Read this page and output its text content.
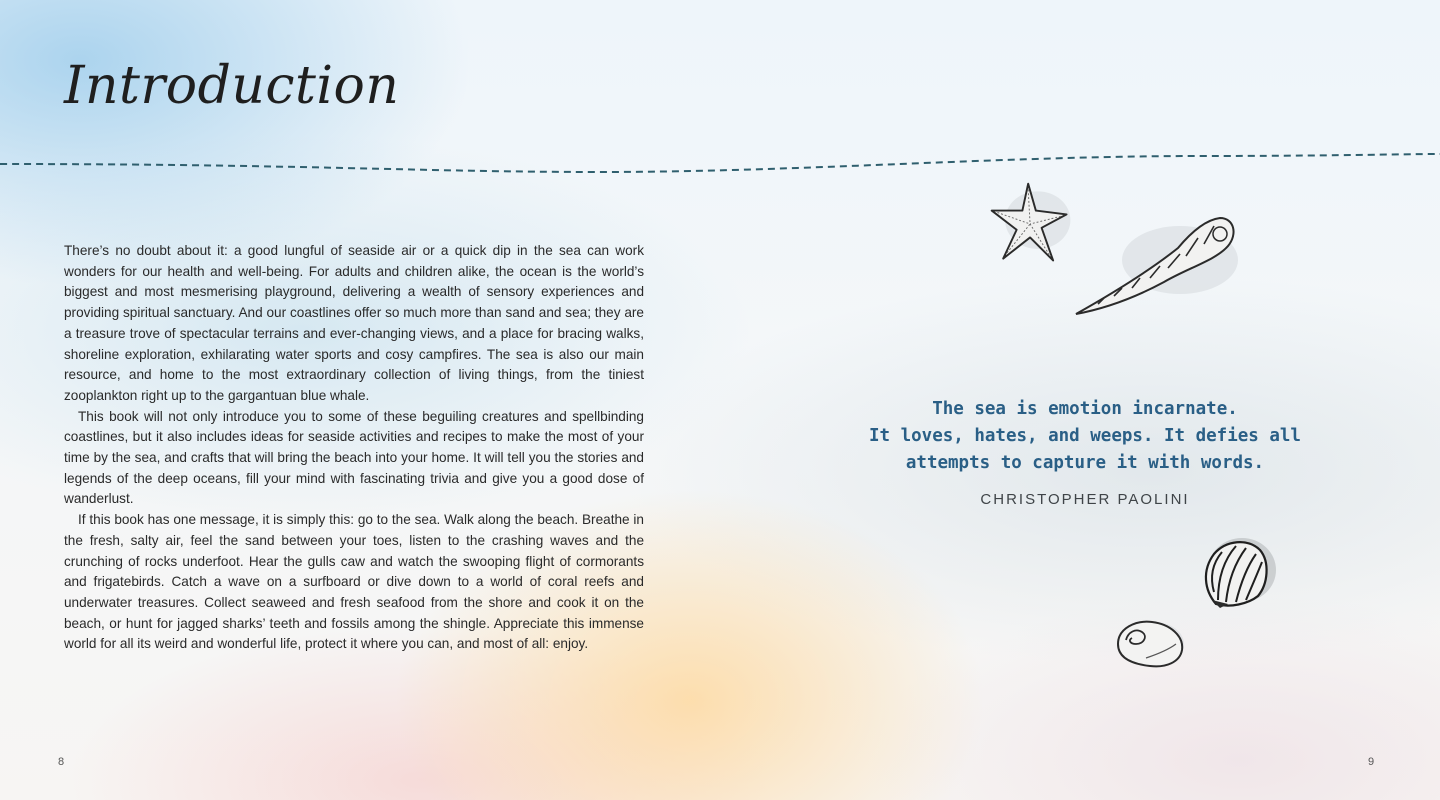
Introduction

There’s no doubt about it: a good lungful of seaside air or a quick dip in the sea can work wonders for our health and well-being. For adults and children alike, the ocean is the world’s biggest and most mesmerising playground, delivering a wealth of sensory experiences and providing spiritual sanctuary. And our coastlines offer so much more than sand and sea; they are a treasure trove of spectacular terrains and ever-changing views, and a place for bracing walks, shoreline exploration, exhilarating water sports and cosy campfires. The sea is also our main resource, and home to the most extraordinary collection of living things, from the tiniest zooplankton right up to the gargantuan blue whale.

This book will not only introduce you to some of these beguiling creatures and spellbinding coastlines, but it also includes ideas for seaside activities and recipes to make the most of your time by the sea, and crafts that will bring the beach into your home. It will tell you the stories and legends of the deep oceans, fill your mind with fascinating trivia and give you a good dose of wanderlust.

If this book has one message, it is simply this: go to the sea. Walk along the beach. Breathe in the fresh, salty air, feel the sand between your toes, listen to the crashing waves and the crunching of rocks underfoot. Hear the gulls caw and watch the swooping flight of cormorants and frigatebirds. Catch a wave on a surfboard or dive down to a world of coral reefs and underwater treasures. Collect seaweed and fresh seafood from the shore and cook it on the beach, or hunt for jagged sharks’ teeth and fossils among the shingle. Appreciate this immense world for all its weird and wonderful life, protect it where you can, and most of all: enjoy.

8

The sea is emotion incarnate.
It loves, hates, and weeps. It defies all
attempts to capture it with words.
CHRISTOPHER PAOLINI

9
